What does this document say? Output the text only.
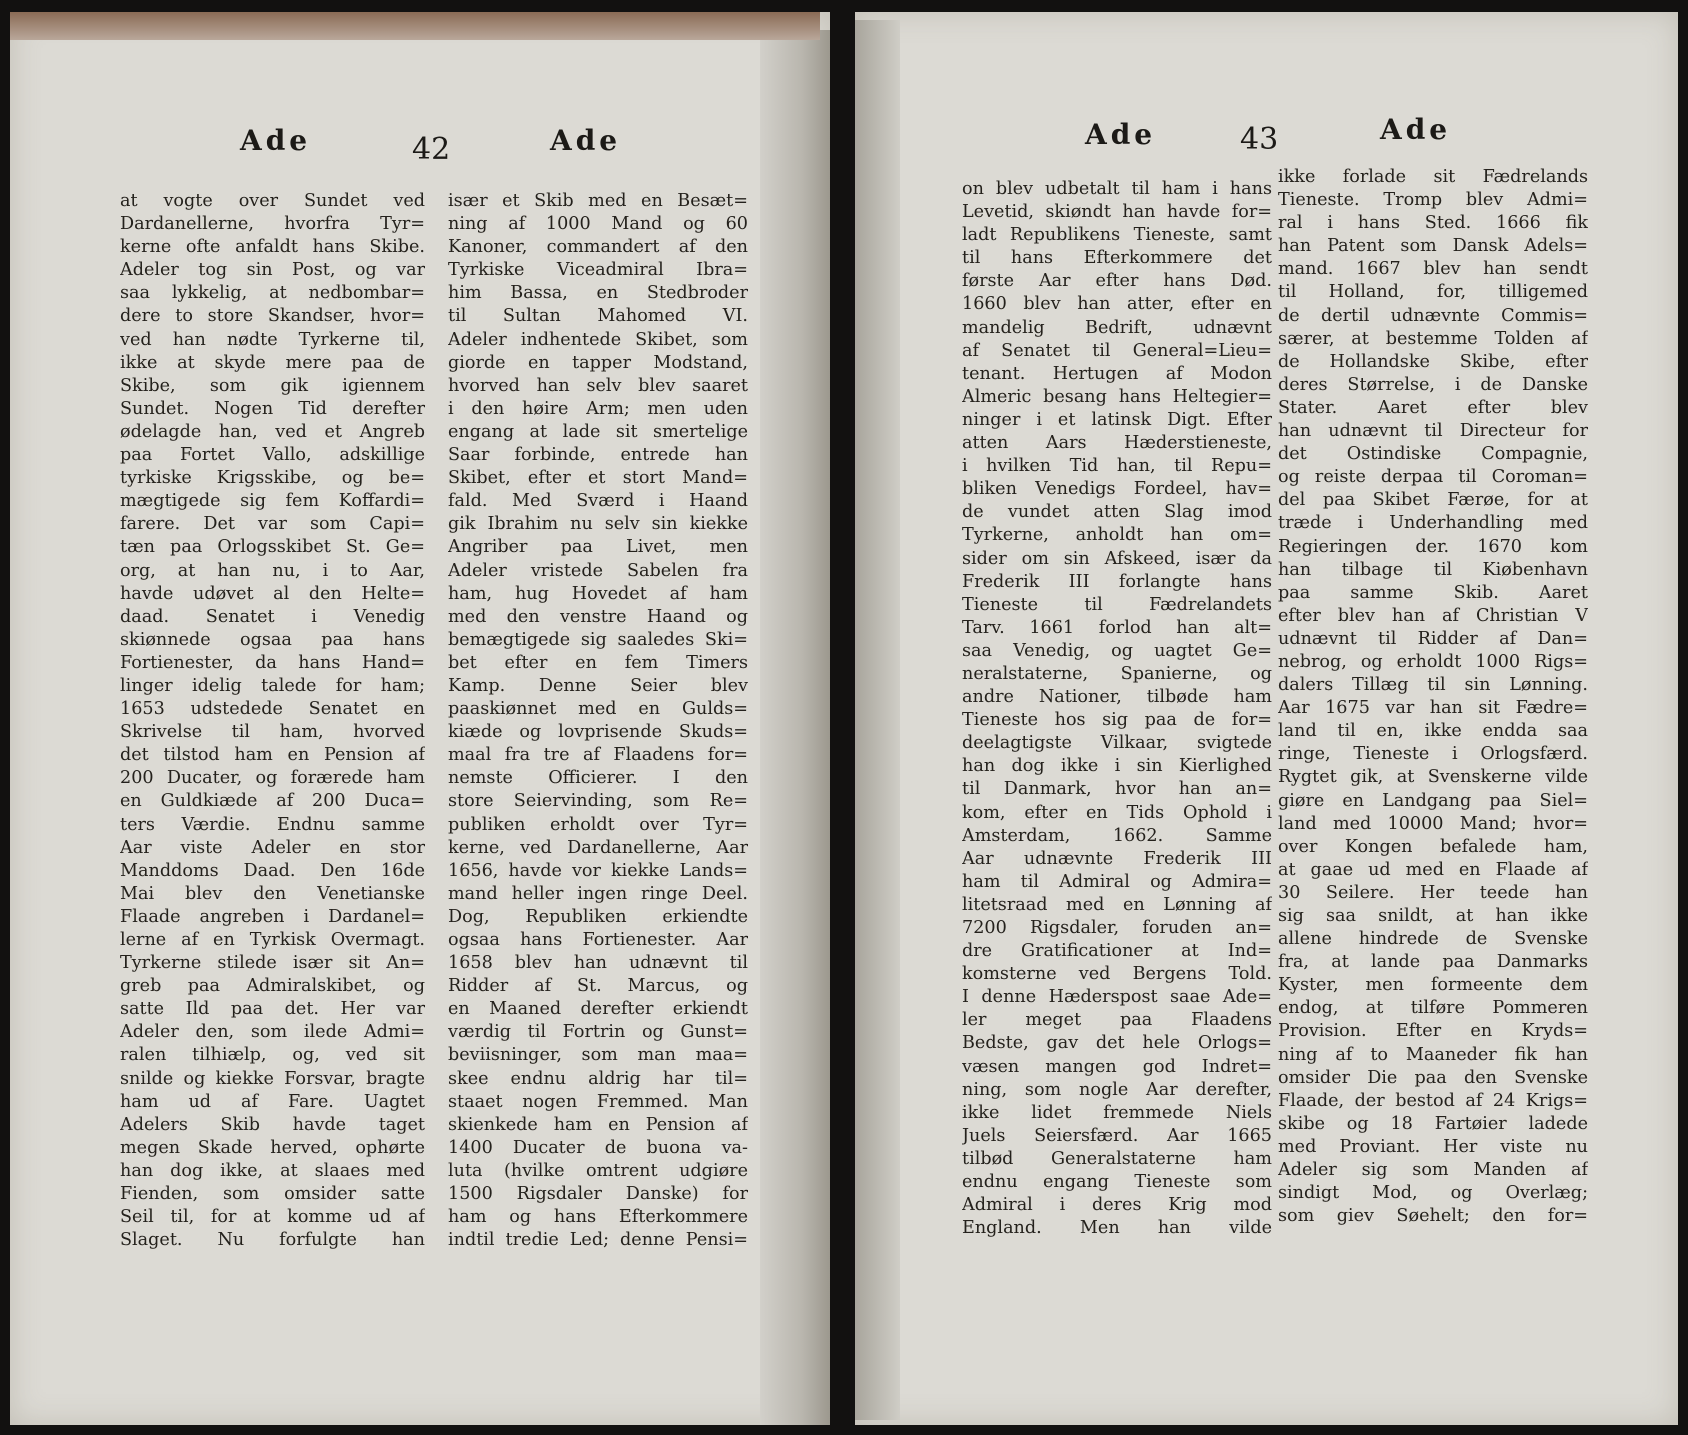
Ade	42	Ade
at vogte over Sundet ved
Dardanellerne, hvorfra Tyr=
kerne ofte anfaldt hans Skibe.
Adeler tog sin Post, og var
saa lykkelig, at nedbombar=
dere to store Skandser, hvor=
ved han nødte Tyrkerne til,
ikke at skyde mere paa de
Skibe, som gik igiennem
Sundet. Nogen Tid derefter
ødelagde han, ved et Angreb
paa Fortet Vallo, adskillige
tyrkiske Krigsskibe, og be=
mægtigede sig fem Koffardi=
farere. Det var som Capi=
tæn paa Orlogsskibet St. Ge=
org, at han nu, i to Aar,
havde udøvet al den Helte=
daad. Senatet i Venedig
skiønnede ogsaa paa hans
Fortienester, da hans Hand=
linger idelig talede for ham;
1653 udstedede Senatet en
Skrivelse til ham, hvorved
det tilstod ham en Pension af
200 Ducater, og forærede ham
en Guldkiæde af 200 Duca=
ters Værdie. Endnu samme
Aar viste Adeler en stor
Manddoms Daad. Den 16de
Mai blev den Venetianske
Flaade angreben i Dardanel=
lerne af en Tyrkisk Overmagt.
Tyrkerne stilede især sit An=
greb paa Admiralskibet, og
satte Ild paa det. Her var
Adeler den, som ilede Admi=
ralen tilhiælp, og, ved sit
snilde og kiekke Forsvar, bragte
ham ud af Fare. Uagtet
Adelers Skib havde taget
megen Skade herved, ophørte
han dog ikke, at slaaes med
Fienden, som omsider satte
Seil til, for at komme ud af
Slaget. Nu forfulgte han
især et Skib med en Besæt=
ning af 1000 Mand og 60
Kanoner, commandert af den
Tyrkiske Viceadmiral Ibra=
him Bassa, en Stedbroder
til Sultan Mahomed VI.
Adeler indhentede Skibet, som
giorde en tapper Modstand,
hvorved han selv blev saaret
i den høire Arm; men uden
engang at lade sit smertelige
Saar forbinde, entrede han
Skibet, efter et stort Mand=
fald. Med Sværd i Haand
gik Ibrahim nu selv sin kiekke
Angriber paa Livet, men
Adeler vristede Sabelen fra
ham, hug Hovedet af ham
med den venstre Haand og
bemægtigede sig saaledes Ski=
bet efter en fem Timers
Kamp. Denne Seier blev
paaskiønnet med en Gulds=
kiæde og lovprisende Skuds=
maal fra tre af Flaadens for=
nemste Officierer. I den
store Seiervinding, som Re=
publiken erholdt over Tyr=
kerne, ved Dardanellerne, Aar
1656, havde vor kiekke Lands=
mand heller ingen ringe Deel.
Dog, Republiken erkiendte
ogsaa hans Fortienester. Aar
1658 blev han udnævnt til
Ridder af St. Marcus, og
en Maaned derefter erkiendt
værdig til Fortrin og Gunst=
beviisninger, som man maa=
skee endnu aldrig har til=
staaet nogen Fremmed. Man
skienkede ham en Pension af
1400 Ducater de buona va-
luta (hvilke omtrent udgiøre
1500 Rigsdaler Danske) for
ham og hans Efterkommere
indtil tredie Led; denne Pensi=
Ade	43	Ade
on blev udbetalt til ham i hans
Levetid, skiøndt han havde for=
ladt Republikens Tieneste, samt
til hans Efterkommere det
første Aar efter hans Død.
1660 blev han atter, efter en
mandelig Bedrift, udnævnt
af Senatet til General=Lieu=
tenant. Hertugen af Modon
Almeric besang hans Heltegier=
ninger i et latinsk Digt. Efter
atten Aars Hæderstieneste,
i hvilken Tid han, til Repu=
bliken Venedigs Fordeel, hav=
de vundet atten Slag imod
Tyrkerne, anholdt han om=
sider om sin Afskeed, især da
Frederik III forlangte hans
Tieneste til Fædrelandets
Tarv. 1661 forlod han alt=
saa Venedig, og uagtet Ge=
neralstaterne, Spanierne, og
andre Nationer, tilbøde ham
Tieneste hos sig paa de for=
deelagtigste Vilkaar, svigtede
han dog ikke i sin Kierlighed
til Danmark, hvor han an=
kom, efter en Tids Ophold i
Amsterdam, 1662. Samme
Aar udnævnte Frederik III
ham til Admiral og Admira=
litetsraad med en Lønning af
7200 Rigsdaler, foruden an=
dre Gratificationer at Ind=
komsterne ved Bergens Told.
I denne Hæderspost saae Ade=
ler meget paa Flaadens
Bedste, gav det hele Orlogs=
væsen mangen god Indret=
ning, som nogle Aar derefter,
ikke lidet fremmede Niels
Juels Seiersfærd. Aar 1665
tilbød Generalstaterne ham
endnu engang Tieneste som
Admiral i deres Krig mod
England. Men han vilde
ikke forlade sit Fædrelands
Tieneste. Tromp blev Admi=
ral i hans Sted. 1666 fik
han Patent som Dansk Adels=
mand. 1667 blev han sendt
til Holland, for, tilligemed
de dertil udnævnte Commis=
særer, at bestemme Tolden af
de Hollandske Skibe, efter
deres Størrelse, i de Danske
Stater. Aaret efter blev
han udnævnt til Directeur for
det Ostindiske Compagnie,
og reiste derpaa til Coroman=
del paa Skibet Færøe, for at
træde i Underhandling med
Regieringen der. 1670 kom
han tilbage til Kiøbenhavn
paa samme Skib. Aaret
efter blev han af Christian V
udnævnt til Ridder af Dan=
nebrog, og erholdt 1000 Rigs=
dalers Tillæg til sin Lønning.
Aar 1675 var han sit Fædre=
land til en, ikke endda saa
ringe, Tieneste i Orlogsfærd.
Rygtet gik, at Svenskerne vilde
giøre en Landgang paa Siel=
land med 10000 Mand; hvor=
over Kongen befalede ham,
at gaae ud med en Flaade af
30 Seilere. Her teede han
sig saa snildt, at han ikke
allene hindrede de Svenske
fra, at lande paa Danmarks
Kyster, men formeente dem
endog, at tilføre Pommeren
Provision. Efter en Kryds=
ning af to Maaneder fik han
omsider Die paa den Svenske
Flaade, der bestod af 24 Krigs=
skibe og 18 Fartøier ladede
med Proviant. Her viste nu
Adeler sig som Manden af
sindigt Mod, og Overlæg;
som giev Søehelt; den for=
